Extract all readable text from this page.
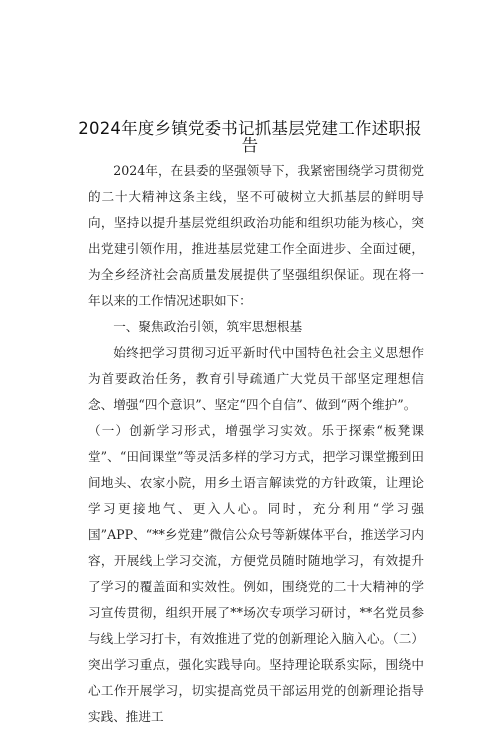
2024年度乡镇党委书记抓基层党建工作述职报告

2024年，在县委的坚强领导下，我紧密围绕学习贯彻党的二十大精神这条主线，坚不可破树立大抓基层的鲜明导向，坚持以提升基层党组织政治功能和组织功能为核心，突出党建引领作用，推进基层党建工作全面进步、全面过硬，为全乡经济社会高质量发展提供了坚强组织保证。现在将一年以来的工作情况述职如下：

一、聚焦政治引领，筑牢思想根基

始终把学习贯彻习近平新时代中国特色社会主义思想作为首要政治任务，教育引导疏通广大党员干部坚定理想信念、增强“四个意识”、坚定“四个自信”、做到“两个维护”。

（一）创新学习形式，增强学习实效。乐于探索“板凳课堂”、“田间课堂”等灵活多样的学习方式，把学习课堂搬到田间地头、农家小院，用乡土语言解读党的方针政策，让理论学习更接地气、更入人心。同时，充分利用“学习强国”APP、“**乡党建”微信公众号等新媒体平台，推送学习内容，开展线上学习交流，方便党员随时随地学习，有效提升了学习的覆盖面和实效性。例如，围绕党的二十大精神的学习宣传贯彻，组织开展了**场次专项学习研讨，**名党员参与线上学习打卡，有效推进了党的创新理论入脑入心。（二）突出学习重点，强化实践导向。坚持理论联系实际，围绕中心工作开展学习，切实提高党员干部运用党的创新理论指导实践、推进工
